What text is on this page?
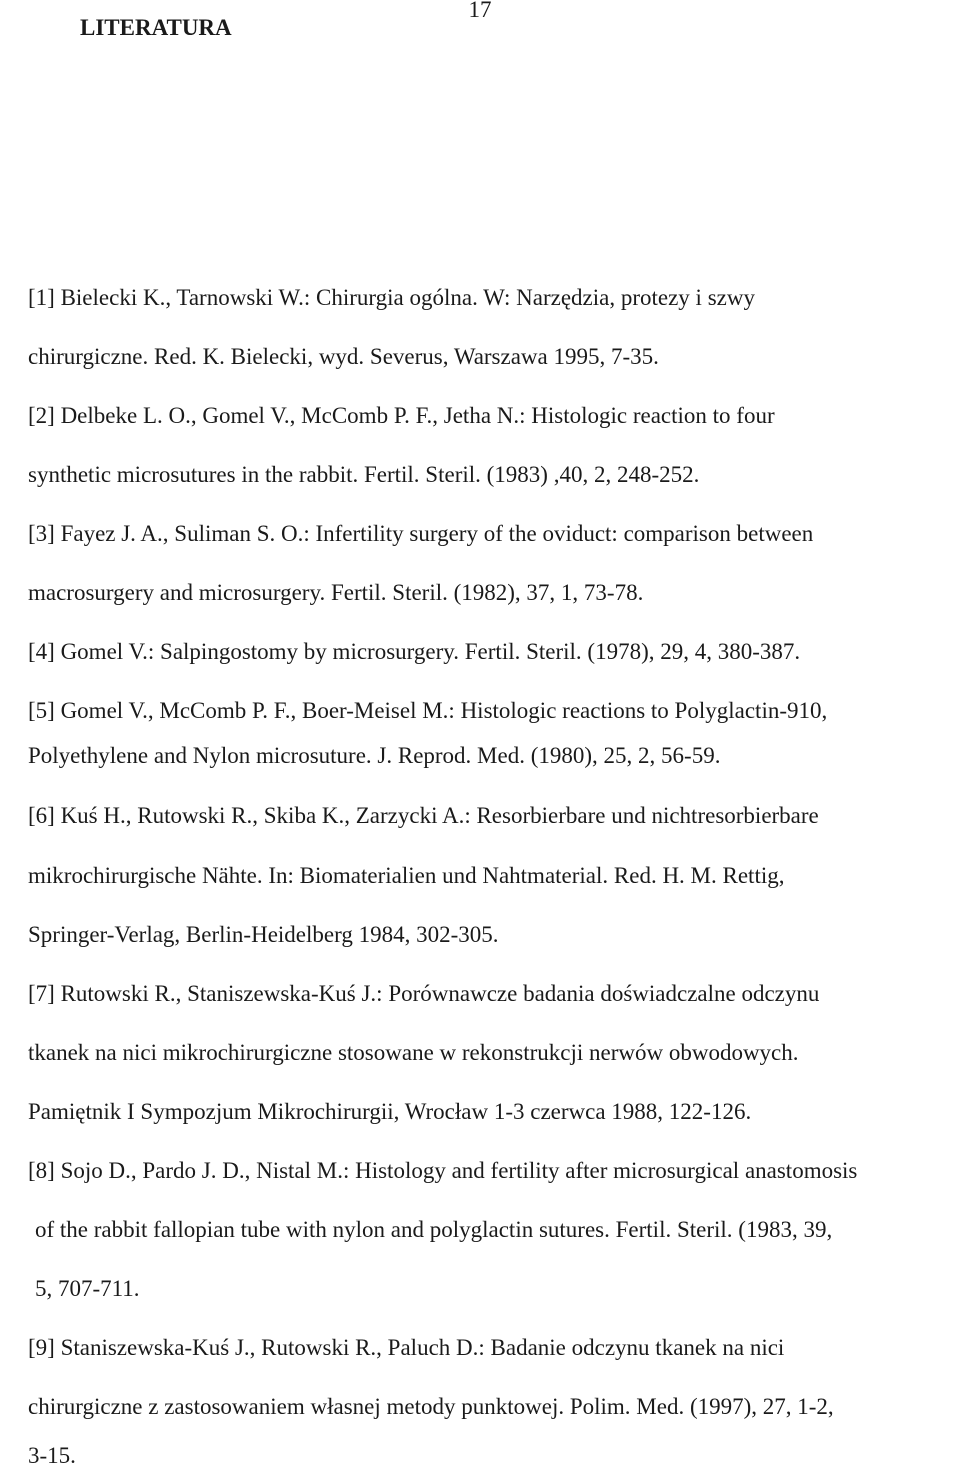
17
LITERATURA
[1] Bielecki K., Tarnowski W.: Chirurgia ogólna. W: Narzędzia, protezy i szwy
chirurgiczne. Red. K. Bielecki, wyd. Severus, Warszawa 1995, 7-35.
[2] Delbeke L. O., Gomel V., McComb P. F., Jetha N.: Histologic reaction to four
synthetic microsutures in the rabbit. Fertil. Steril. (1983) ,40, 2, 248-252.
[3] Fayez J. A., Suliman S. O.: Infertility surgery of the oviduct: comparison between
macrosurgery and microsurgery. Fertil. Steril. (1982), 37, 1, 73-78.
[4] Gomel V.: Salpingostomy by microsurgery. Fertil. Steril. (1978), 29, 4, 380-387.
[5] Gomel V., McComb P. F., Boer-Meisel M.: Histologic reactions to Polyglactin-910,
Polyethylene and Nylon microsuture. J. Reprod. Med. (1980), 25, 2, 56-59.
[6] Kuś H., Rutowski R., Skiba K., Zarzycki A.: Resorbierbare und nichtresorbierbare
mikrochirurgische Nähte. In: Biomaterialien und Nahtmaterial. Red. H. M. Rettig,
Springer-Verlag, Berlin-Heidelberg 1984, 302-305.
[7] Rutowski R., Staniszewska-Kuś J.: Porównawcze badania doświadczalne odczynu
tkanek na nici mikrochirurgiczne stosowane w rekonstrukcji nerwów obwodowych.
Pamiętnik I Sympozjum Mikrochirurgii, Wrocław 1-3 czerwca 1988, 122-126.
[8] Sojo D., Pardo J. D., Nistal M.: Histology and fertility after microsurgical anastomosis
of the rabbit fallopian tube with nylon and polyglactin sutures. Fertil. Steril. (1983, 39,
5, 707-711.
[9] Staniszewska-Kuś J., Rutowski R., Paluch D.: Badanie odczynu tkanek na nici
chirurgiczne z zastosowaniem własnej metody punktowej. Polim. Med. (1997), 27, 1-2,
3-15.
